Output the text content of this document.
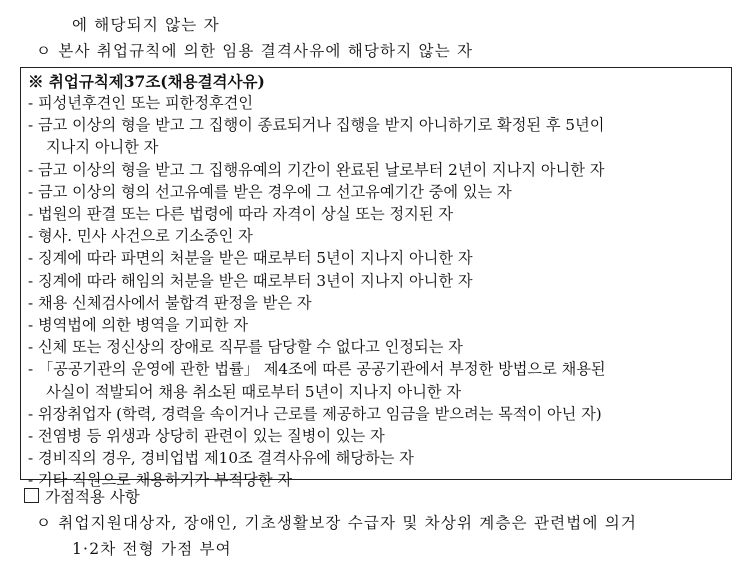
에 해당되지 않는 자
ㅇ 본사 취업규칙에 의한 임용 결격사유에 해당하지 않는 자
※ 취업규칙제37조(채용결격사유)
- 피성년후견인 또는 피한정후견인
- 금고 이상의 형을 받고 그 집행이 종료되거나 집행을 받지 아니하기로 확정된 후 5년이
지나지 아니한 자
- 금고 이상의 형을 받고 그 집행유예의 기간이 완료된 날로부터 2년이 지나지 아니한 자
- 금고 이상의 형의 선고유예를 받은 경우에 그 선고유예기간 중에 있는 자
- 법원의 판결 또는 다른 법령에 따라 자격이 상실 또는 정지된 자
- 형사. 민사 사건으로 기소중인 자
- 징계에 따라 파면의 처분을 받은 때로부터 5년이 지나지 아니한 자
- 징계에 따라 해임의 처분을 받은 때로부터 3년이 지나지 아니한 자
- 채용 신체검사에서 불합격 판정을 받은 자
- 병역법에 의한 병역을 기피한 자
- 신체 또는 정신상의 장애로 직무를 담당할 수 없다고 인정되는 자
- 「공공기관의 운영에 관한 법률」 제4조에 따른 공공기관에서 부정한 방법으로 채용된
사실이 적발되어 채용 취소된 때로부터 5년이 지나지 아니한 자
- 위장취업자 (학력, 경력을 속이거나 근로를 제공하고 임금을 받으려는 목적이 아닌 자)
- 전염병 등 위생과 상당히 관련이 있는 질병이 있는 자
- 경비직의 경우, 경비업법 제10조 결격사유에 해당하는 자
- 기타 직원으로 채용하기가 부적당한 자
가점적용 사항
ㅇ 취업지원대상자, 장애인, 기초생활보장 수급자 및 차상위 계층은 관련법에 의거
1·2차 전형 가점 부여
